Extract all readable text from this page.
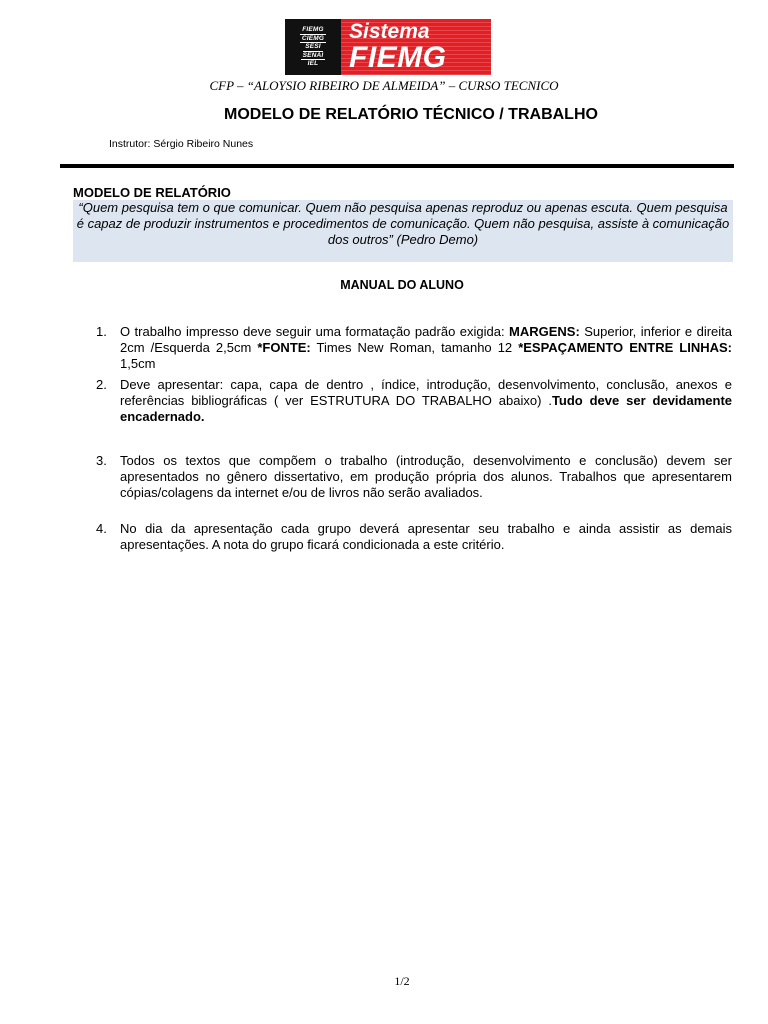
FIEMG
CIEMG
SESI
SENAI
IEL
Sistema
FIEMG
CFP – “ALOYSIO RIBEIRO DE ALMEIDA” – CURSO TECNICO
MODELO DE RELATÓRIO TÉCNICO / TRABALHO
Instrutor: Sérgio Ribeiro Nunes
MODELO DE RELATÓRIO
“Quem pesquisa tem o que comunicar. Quem não pesquisa apenas reproduz ou apenas escuta. Quem pesquisa é capaz de produzir instrumentos e procedimentos de comunicação. Quem não pesquisa, assiste à comunicação dos outros” (Pedro Demo)
MANUAL DO ALUNO
1. O trabalho impresso deve seguir uma formatação padrão exigida: MARGENS: Superior, inferior e direita 2cm /Esquerda 2,5cm *FONTE: Times New Roman, tamanho 12 *ESPAÇAMENTO ENTRE LINHAS: 1,5cm
2. Deve apresentar: capa, capa de dentro , índice, introdução, desenvolvimento, conclusão, anexos e referências bibliográficas ( ver ESTRUTURA DO TRABALHO abaixo) .Tudo deve ser devidamente encadernado.
3. Todos os textos que compõem o trabalho (introdução, desenvolvimento e conclusão) devem ser apresentados no gênero dissertativo, em produção própria dos alunos. Trabalhos que apresentarem cópias/colagens da internet e/ou de livros não serão avaliados.
4. No dia da apresentação cada grupo deverá apresentar seu trabalho e ainda assistir as demais apresentações. A nota do grupo ficará condicionada a este critério.
1/2
